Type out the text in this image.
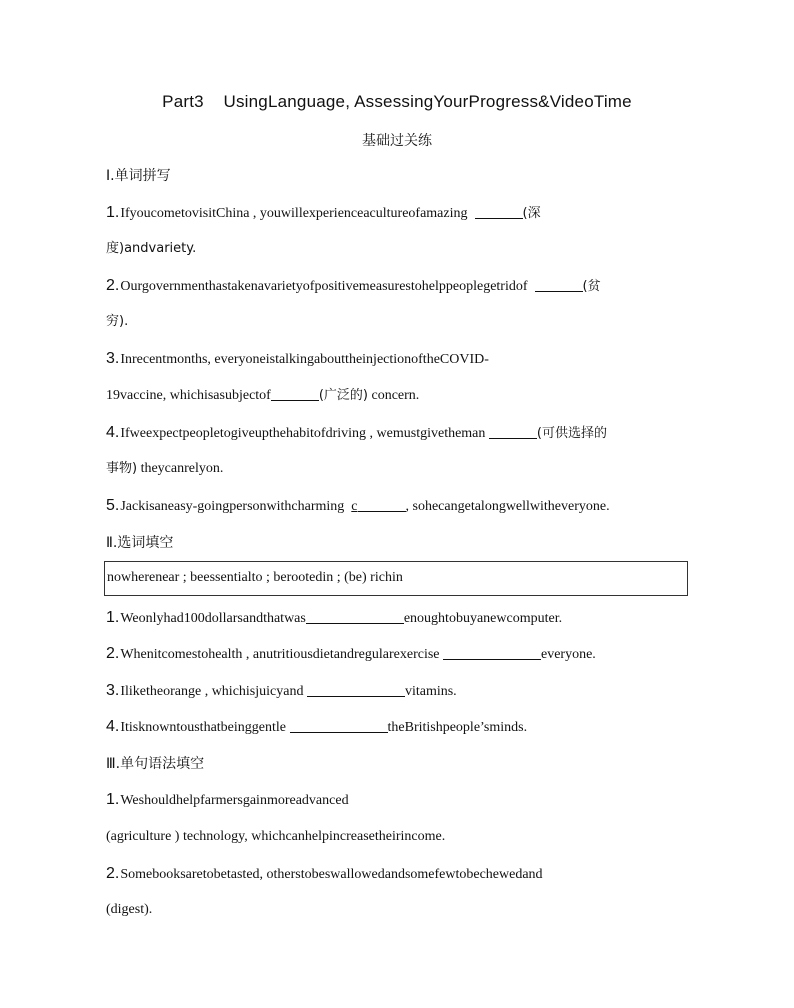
Part3    UsingLanguage, AssessingYourProgress&VideoTime
基础过关练
Ⅰ.单词拼写
1.IfyoucometovisitChina , youwillexperienceacultureofamazing	(深
度)andvariety.
2.Ourgovernmenthastakenavarietyofpositivemeasurestohelppeoplegetridof	(贫
穷).
3.Inrecentmonths, everyoneistalkingabouttheinjectionoftheCOVID-
19vaccine, whichisasubjectof	(广泛的) concern.
4.Ifweexpectpeopletogiveupthehabitofdriving , wemustgivetheman	(可供选择的
事物) theycanrelyon.
5.Jackisaneasy-goingpersonwithcharming  c	, sohecangetalongwellwitheveryone.
Ⅱ.选词填空
nowherenear ; beessentialto ; berootedin ; (be) richin
1.Weonlyhad100dollarsandthatwas	enoughtobuyanewcomputer.
2.Whenitcomestohealth , anutritiousdietandregularexercise	everyone.
3.Iliketheorange , whichisjuicyand	vitamins.
4.Itisknowntousthatbeinggentle	theBritishpeople’sminds.
Ⅲ.单句语法填空
1.Weshouldhelpfarmersgainmoreadvanced
(agriculture ) technology, whichcanhelpincreasetheirincome.
2.Somebooksaretobetasted, otherstobeswallowedandsomefewtobechewedand
(digest).
